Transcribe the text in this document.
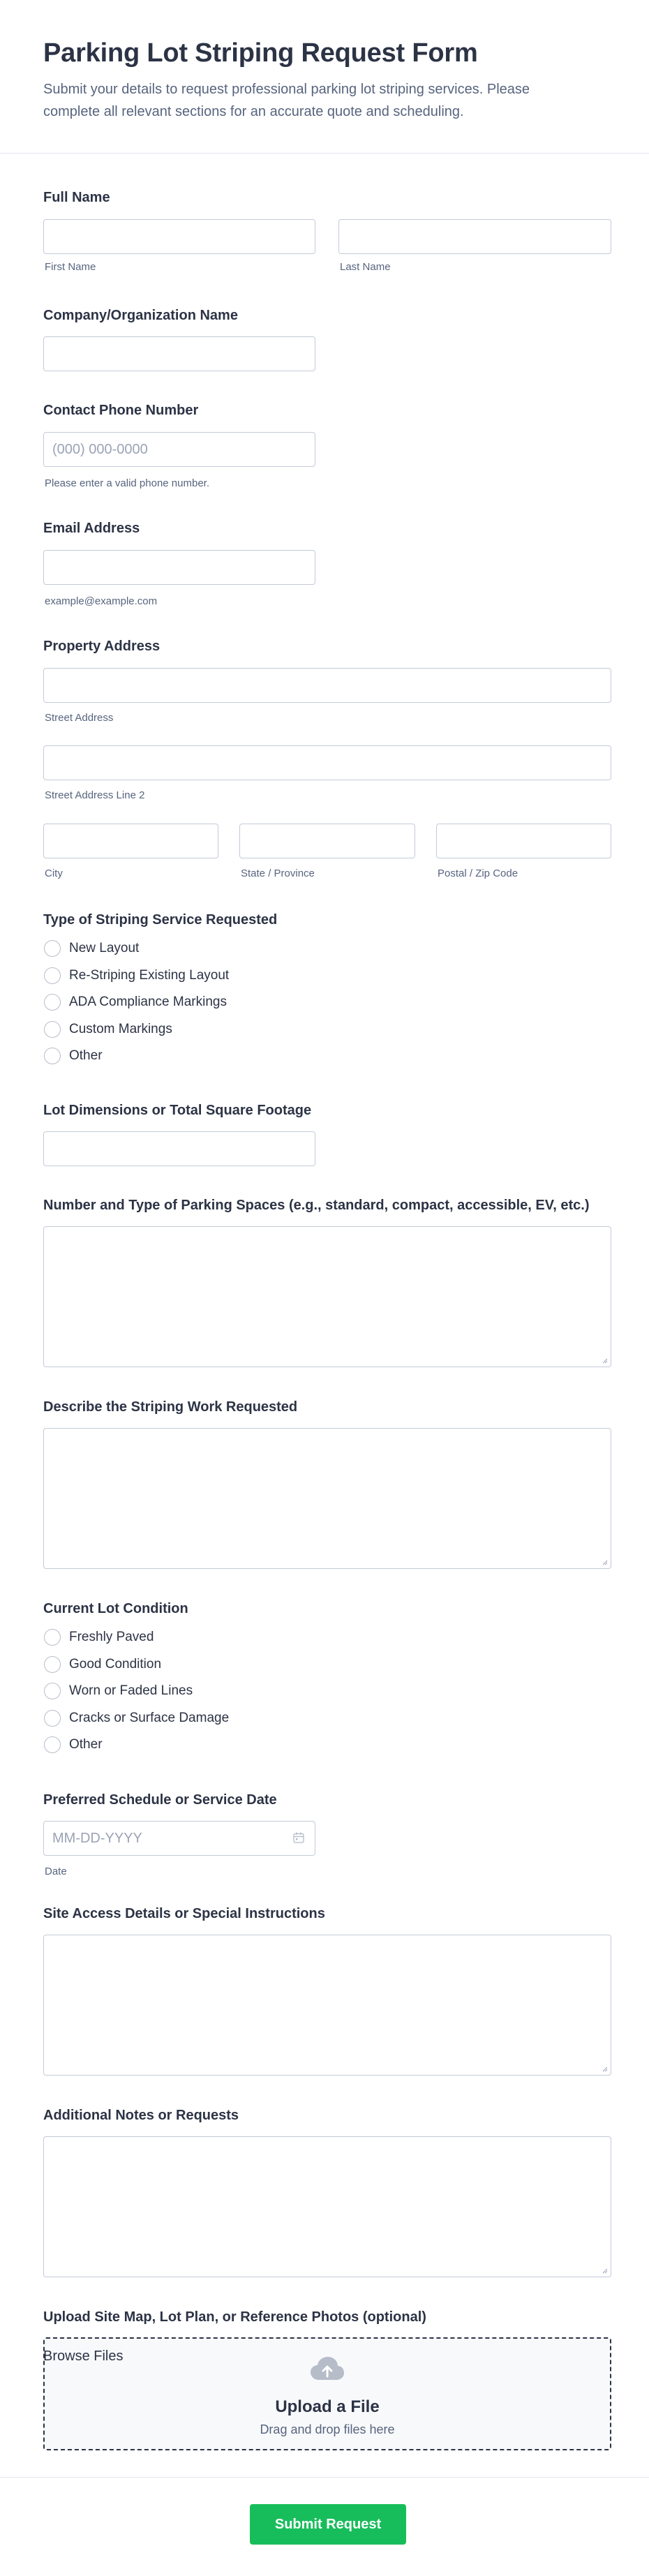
Parking Lot Striping Request Form

Submit your details to request professional parking lot striping services. Please complete all relevant sections for an accurate quote and scheduling.

Full Name
First Name	Last Name
Company/Organization Name
Contact Phone Number
(000) 000-0000
Please enter a valid phone number.
Email Address
example@example.com
Property Address
Street Address
Street Address Line 2
City	State / Province	Postal / Zip Code
Type of Striping Service Requested
New Layout
Re-Striping Existing Layout
ADA Compliance Markings
Custom Markings
Other
Lot Dimensions or Total Square Footage
Number and Type of Parking Spaces (e.g., standard, compact, accessible, EV, etc.)
Describe the Striping Work Requested
Current Lot Condition
Freshly Paved
Good Condition
Worn or Faded Lines
Cracks or Surface Damage
Other
Preferred Schedule or Service Date
MM-DD-YYYY
Date
Site Access Details or Special Instructions
Additional Notes or Requests
Upload Site Map, Lot Plan, or Reference Photos (optional)
Browse Files
Upload a File
Drag and drop files here
Submit Request
